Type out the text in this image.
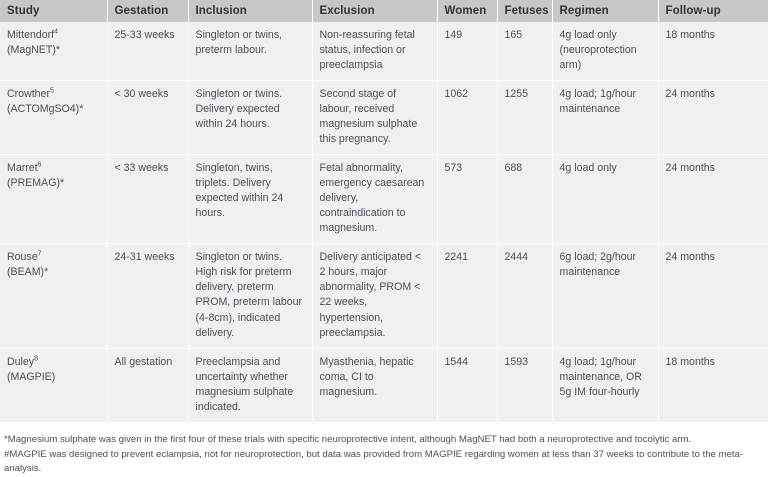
Study	Gestation	Inclusion	Exclusion	Women	Fetuses	Regimen	Follow-up

Mittendorf$^4$
(MagNET)*	25-33 weeks	Singleton or twins, preterm labour.	Non-reassuring fetal status, infection or preeclampsia	149	165	4g load only (neuroprotection arm)	18 months

Crowther$^5$
(ACTOMgSO4)*	< 30 weeks	Singleton or twins. Delivery expected within 24 hours.	Second stage of labour, received magnesium sulphate this pregnancy.	1062	1255	4g load; 1g/hour maintenance	24 months

Marret$^6$
(PREMAG)*	< 33 weeks	Singleton, twins, triplets. Delivery expected within 24 hours.	Fetal abnormality, emergency caesarean delivery, contraindication to magnesium.	573	688	4g load only	24 months

Rouse$^7$
(BEAM)*	24-31 weeks	Singleton or twins. High risk for preterm delivery, preterm PROM, preterm labour (4-8cm), indicated delivery.	Delivery anticipated < 2 hours, major abnormality, PROM < 22 weeks, hypertension, preeclampsia.	2241	2444	6g load; 2g/hour maintenance	24 months

Duley$^8$
(MAGPIE)	All gestation	Preeclampsia and uncertainty whether magnesium sulphate indicated.	Myasthenia, hepatic coma, CI to magnesium.	1544	1593	4g load; 1g/hour maintenance, OR 5g IM four-hourly	18 months

*Magnesium sulphate was given in the first four of these trials with specific neuroprotective intent, although MagNET had both a neuroprotective and tocolytic arm.

#MAGPIE was designed to prevent eclampsia, not for neuroprotection, but data was provided from MAGPIE regarding women at less than 37 weeks to contribute to the meta-analysis.
